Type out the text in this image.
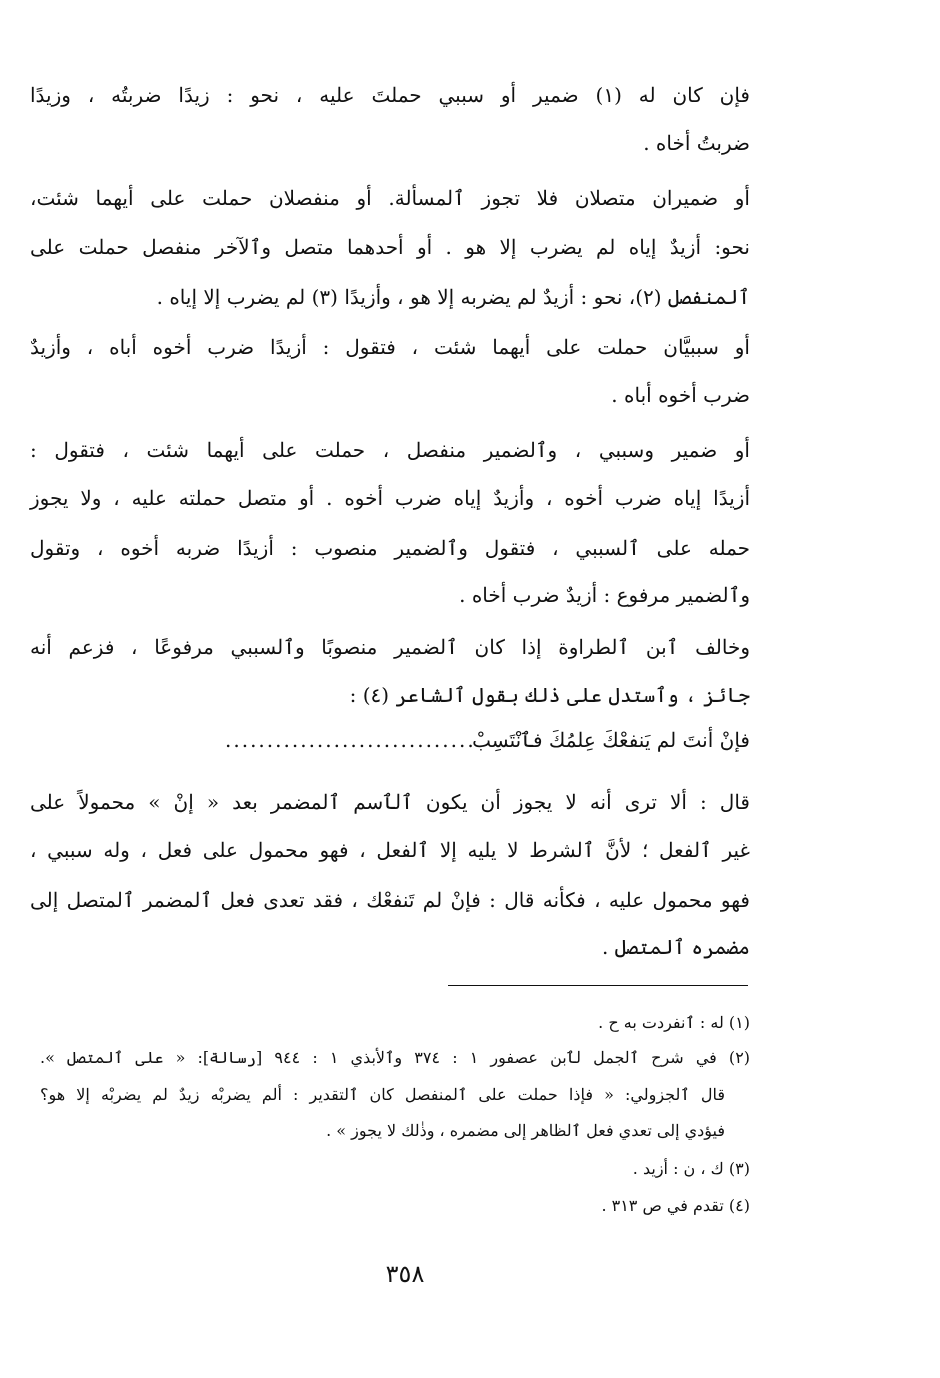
فإن كان له (١) ضمير أو سببي حملتَ عليه ، نحو : زيدًا ضربتُه ، وزيدًا
ضربتُ أخاه .
أو ضميران متصلان فلا تجوز ٱلمسألة. أو منفصلان حملت على أيهما شئت،
نحو: أزيدٌ إياه لم يضرب إلا هو . أو أحدهما متصل وٱلآخر منفصل حملت على
ٱلمنفصل (٢)، نحو : أزيدٌ لم يضربه إلا هو ، وأزيدًا (٣) لم يضرب إلا إياه .
أو سببيَّان حملت على أيهما شئت ، فتقول : أزيدًا ضرب أخوه أباه ، وأزيدٌ
ضرب أخوه أباه .
أو ضمير وسببي ، وٱلضمير منفصل ، حملت على أيهما شئت ، فتقول :
أزيدًا إياه ضرب أخوه ، وأزيدٌ إياه ضرب أخوه . أو متصل حملته عليه ، ولا يجوز
حمله على ٱلسببي ، فتقول وٱلضمير منصوب : أزيدًا ضربه أخوه ، وتقول
وٱلضمير مرفوع : أزيدٌ ضرب أخاه .
وخالف ٱبن ٱلطراوة إذا كان ٱلضمير منصوبًا وٱلسببي مرفوعًا ، فزعم أنه
جائز ، وٱستدل على ذٰلك بقول ٱلشاعر (٤) :
فإنْ أنتَ لم يَنفعْكَ عِلمُكَ فٱنْتَسِبْ
..............................
قال : ألا ترى أنه لا يجوز أن يكون ٱلٱسم ٱلمضمر بعد « إنْ » محمولاً على
غير ٱلفعل ؛ لأنَّ ٱلشرط لا يليه إلا ٱلفعل ، فهو محمول على فعل ، وله سببي ،
فهو محمول عليه ، فكأنه قال : فإنْ لم تَنفعْك ، فقد تعدى فعل ٱلمضمر ٱلمتصل إلى
مضمره ٱلمتصل .
(١) له : ٱنفردت به ح .
(٢) في شرح ٱلجمل لٱبن عصفور ١ : ٣٧٤ وٱلأبذي ١ : ٩٤٤ [رسالة]: « على ٱلمتصل ».
قال ٱلجزولي: « فإذا حملت على ٱلمنفصل كان ٱلتقدير : ألم يضربْه زيدٌ لم يضربْه إلا هو؟
فيؤدي إلى تعدي فعل ٱلظاهر إلى مضمره ، وذٰلك لا يجوز » .
(٣) ك ، ن : أزيد .
(٤) تقدم في ص ٣١٣ .
٣٥٨
